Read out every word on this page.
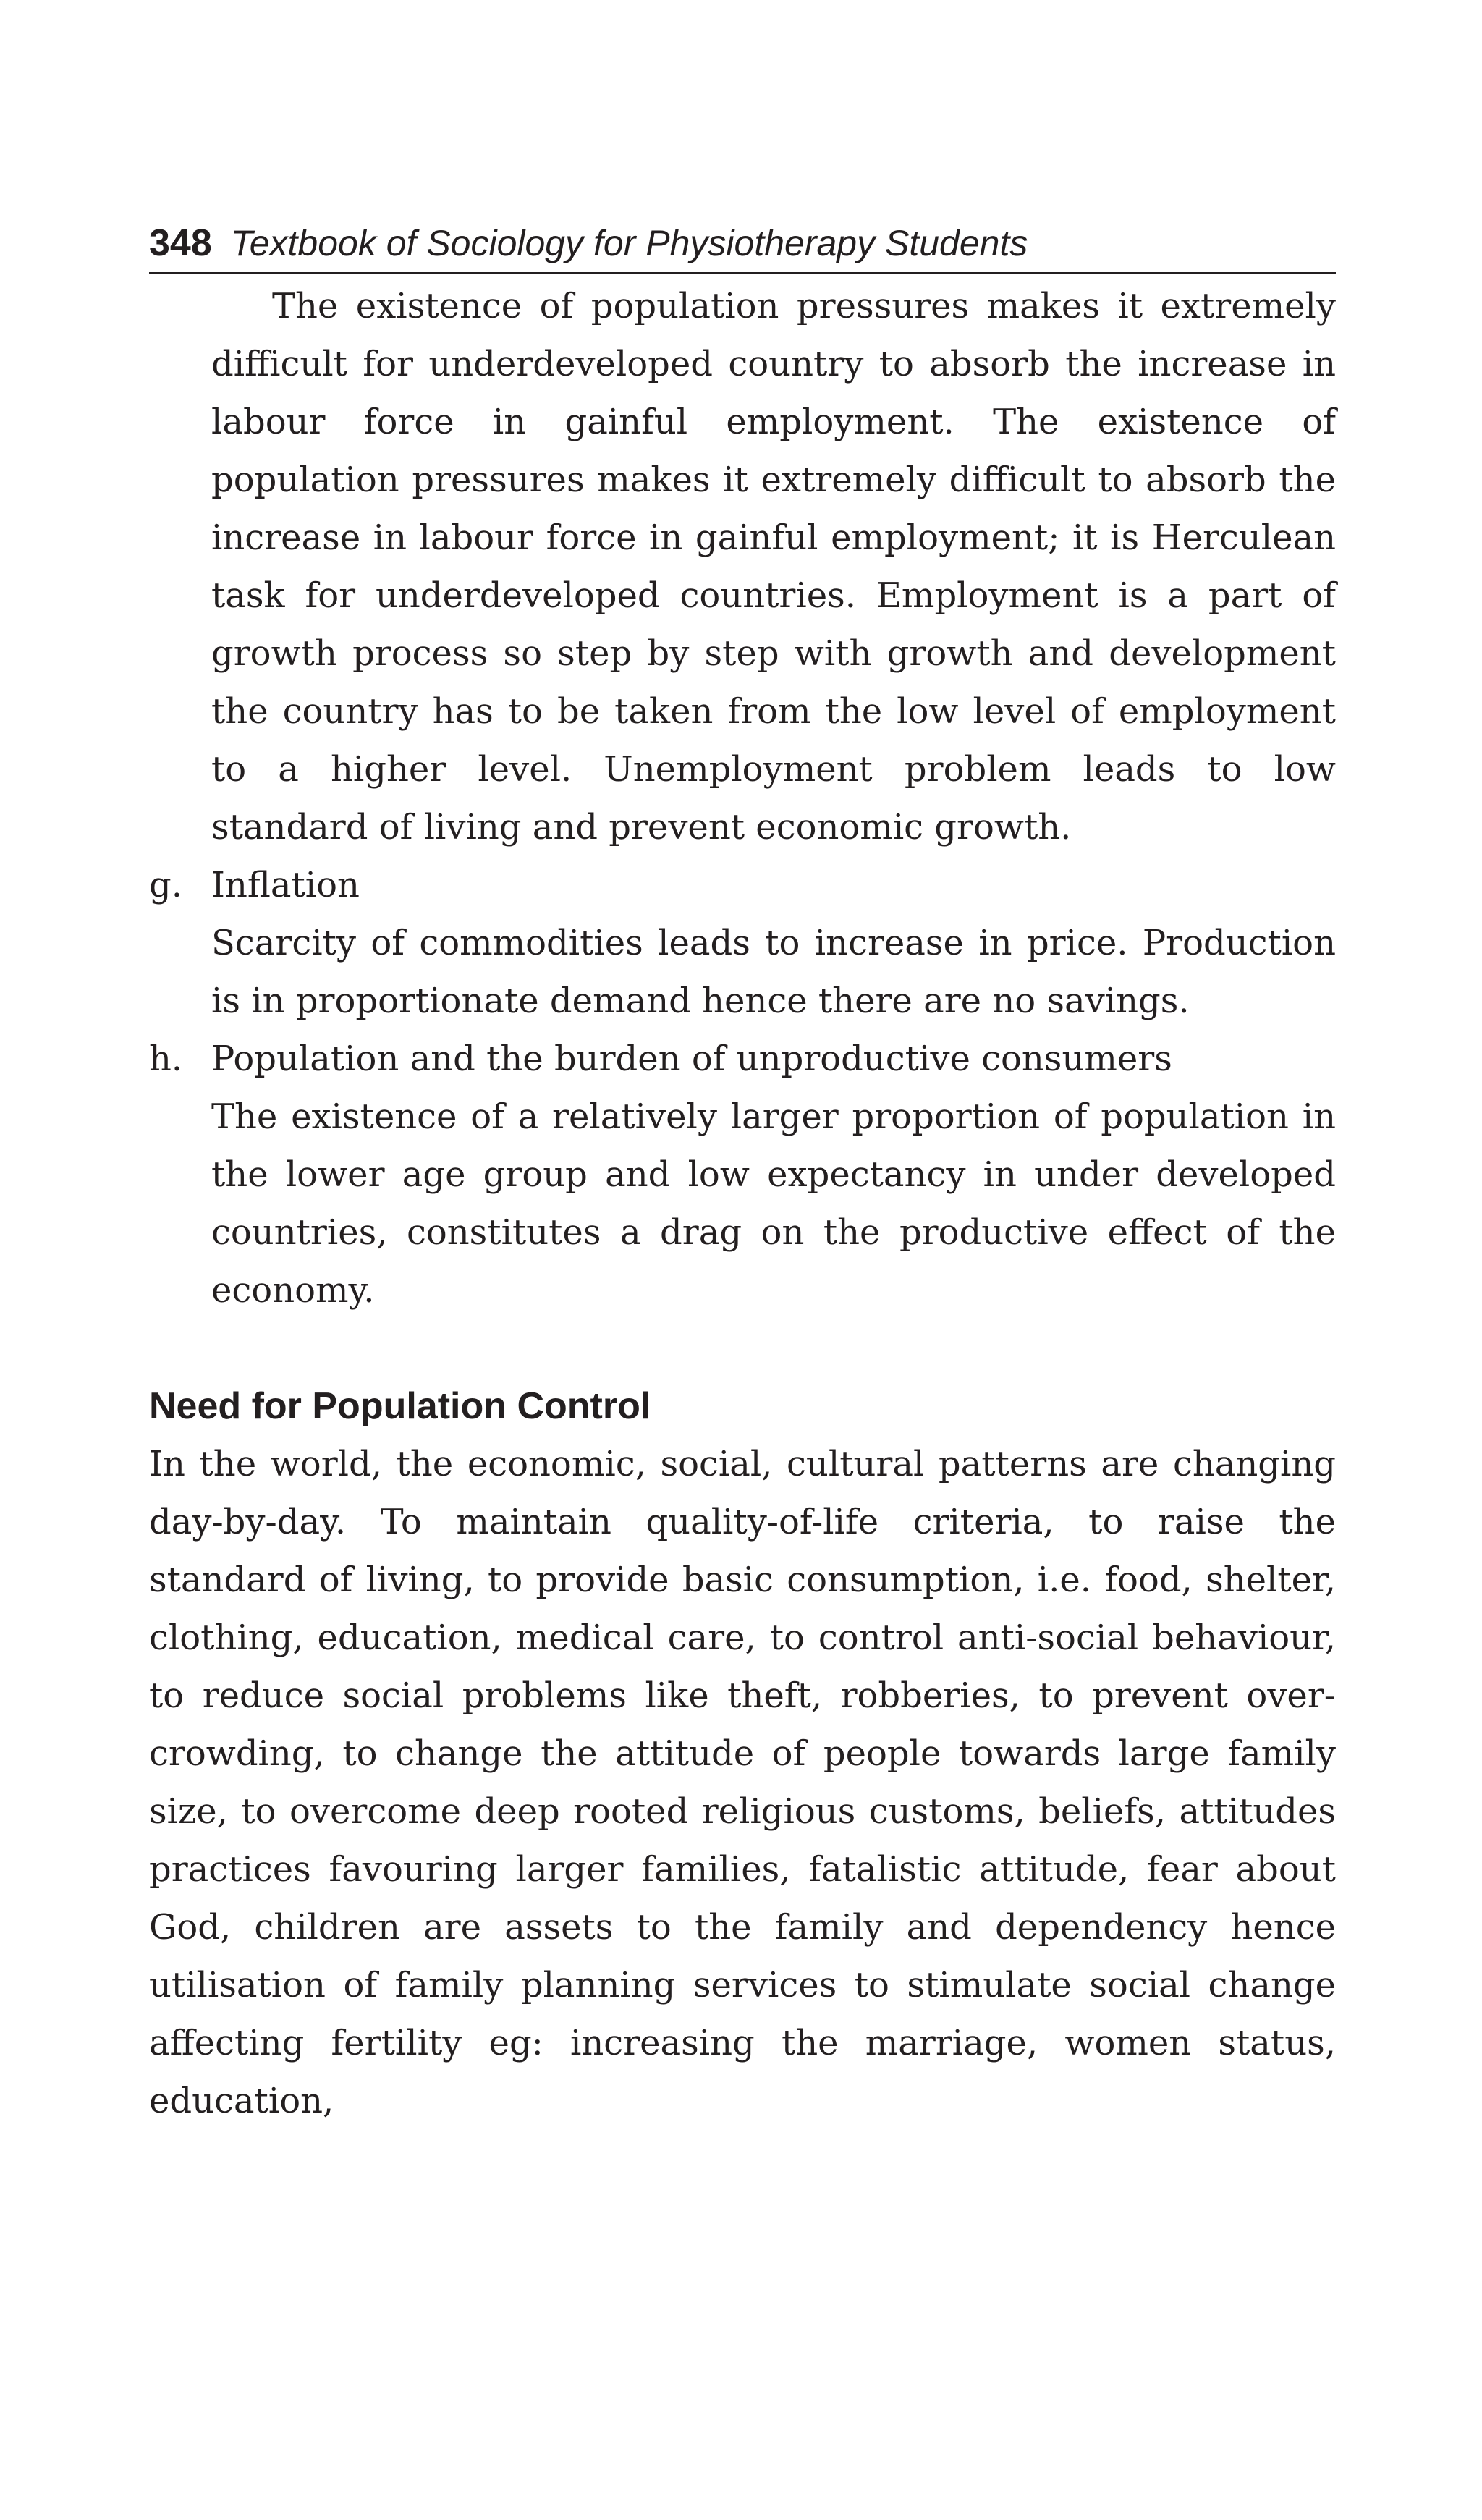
348 Textbook of Sociology for Physiotherapy Students

The existence of population pressures makes it extremely difficult for underdeveloped country to absorb the increase in labour force in gainful employment. The existence of population pressures makes it extremely difficult to absorb the increase in labour force in gainful employment; it is Herculean task for underdeveloped countries. Employment is a part of growth process so step by step with growth and development the country has to be taken from the low level of employment to a higher level. Unemployment problem leads to low standard of living and prevent economic growth.

g. Inflation

Scarcity of commodities leads to increase in price. Production is in proportionate demand hence there are no savings.

h. Population and the burden of unproductive consumers

The existence of a relatively larger proportion of population in the lower age group and low expectancy in under developed countries, constitutes a drag on the productive effect of the economy.

Need for Population Control

In the world, the economic, social, cultural patterns are changing day-by-day. To maintain quality-of-life criteria, to raise the standard of living, to provide basic consumption, i.e. food, shelter, clothing, education, medical care, to control anti-social behaviour, to reduce social problems like theft, robberies, to prevent over-crowding, to change the attitude of people towards large family size, to overcome deep rooted religious customs, beliefs, attitudes practices favouring larger families, fatalistic attitude, fear about God, children are assets to the family and dependency hence utilisation of family planning services to stimulate social change affecting fertility eg: increasing the marriage, women status, education,
